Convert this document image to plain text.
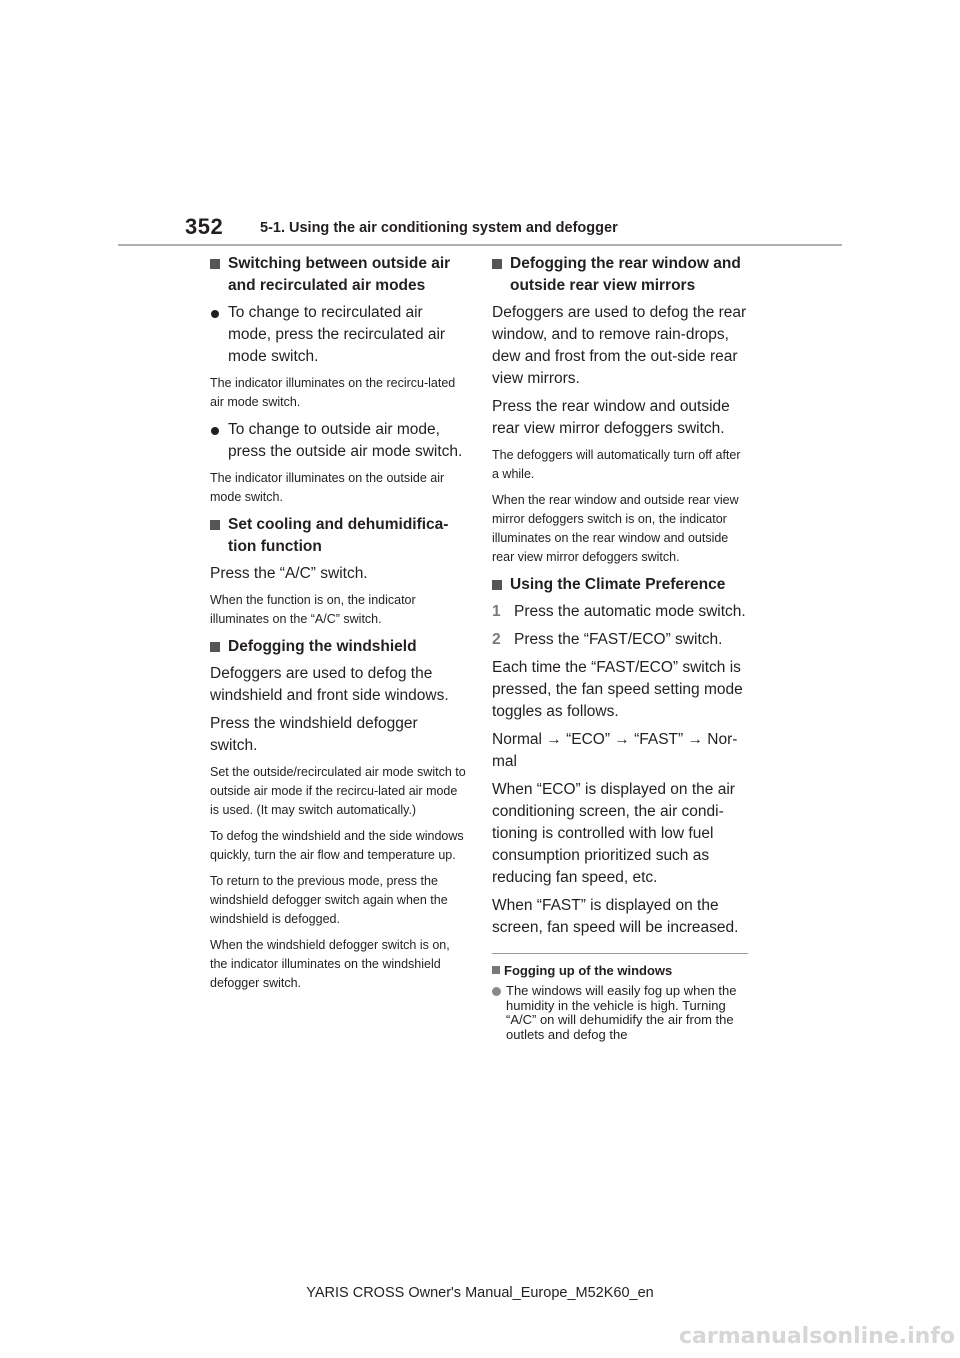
352	5-1. Using the air conditioning system and defogger
Switching between outside air and recirculated air modes
To change to recirculated air mode, press the recirculated air mode switch.
The indicator illuminates on the recircu-lated air mode switch.
To change to outside air mode, press the outside air mode switch.
The indicator illuminates on the outside air mode switch.
Set cooling and dehumidifica-tion function
Press the “A/C” switch.
When the function is on, the indicator illuminates on the “A/C” switch.
Defogging the windshield
Defoggers are used to defog the windshield and front side windows.
Press the windshield defogger switch.
Set the outside/recirculated air mode switch to outside air mode if the recircu-lated air mode is used. (It may switch automatically.)
To defog the windshield and the side windows quickly, turn the air flow and temperature up.
To return to the previous mode, press the windshield defogger switch again when the windshield is defogged.
When the windshield defogger switch is on, the indicator illuminates on the windshield defogger switch.
Defogging the rear window and outside rear view mirrors
Defoggers are used to defog the rear window, and to remove rain-drops, dew and frost from the out-side rear view mirrors.
Press the rear window and outside rear view mirror defoggers switch.
The defoggers will automatically turn off after a while.
When the rear window and outside rear view mirror defoggers switch is on, the indicator illuminates on the rear window and outside rear view mirror defoggers switch.
Using the Climate Preference
1 Press the automatic mode switch.
2 Press the “FAST/ECO” switch.
Each time the “FAST/ECO” switch is pressed, the fan speed setting mode toggles as follows.
Normal → “ECO” → “FAST” → Nor-mal
When “ECO” is displayed on the air conditioning screen, the air condi-tioning is controlled with low fuel consumption prioritized such as reducing fan speed, etc.
When “FAST” is displayed on the screen, fan speed will be increased.
Fogging up of the windows
The windows will easily fog up when the humidity in the vehicle is high. Turning “A/C” on will dehumidify the air from the outlets and defog the
YARIS CROSS Owner's Manual_Europe_M52K60_en
carmanualsonline.info
